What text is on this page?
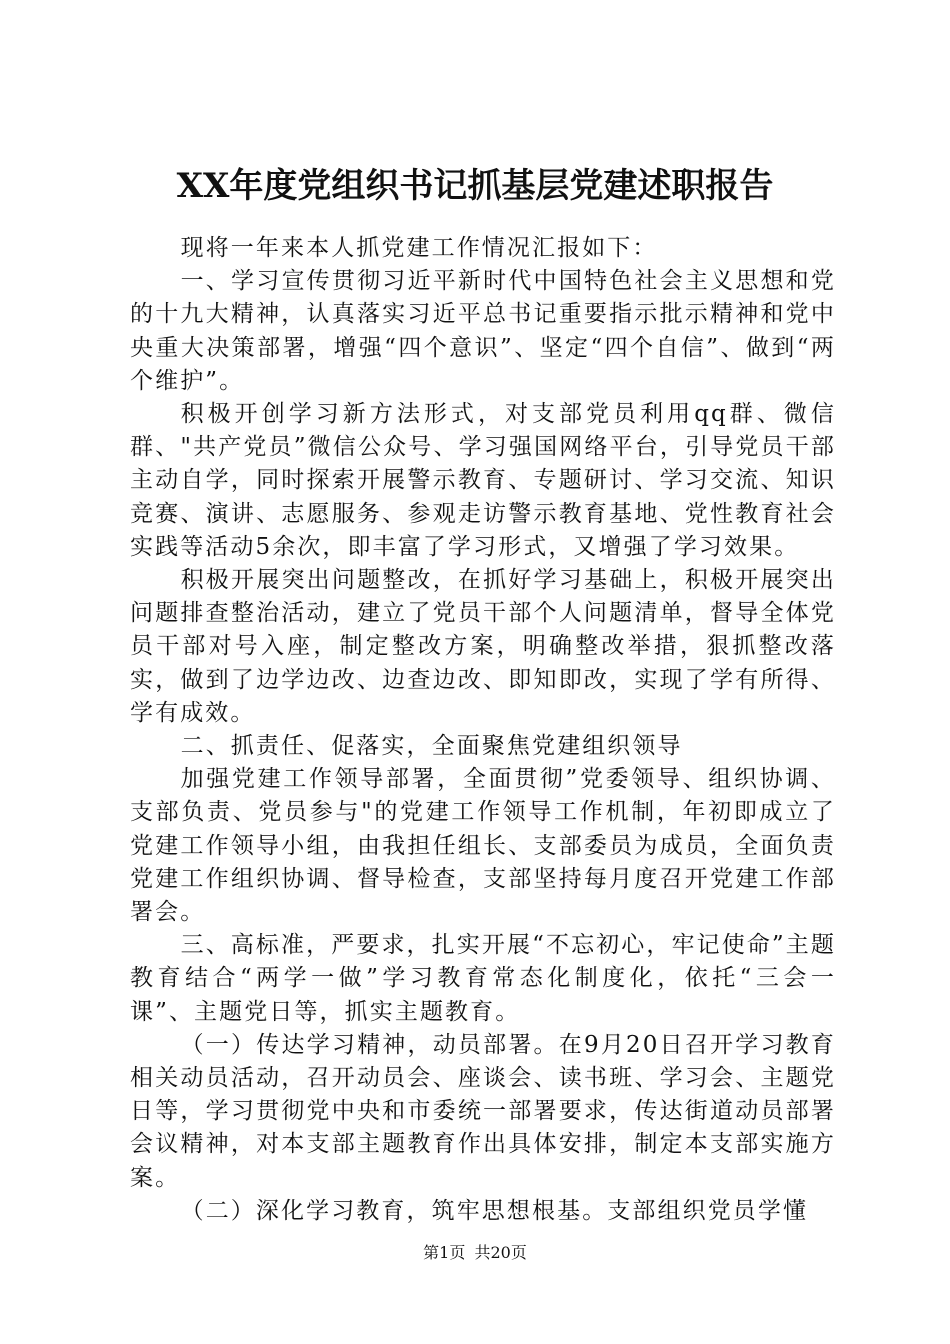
XX年度党组织书记抓基层党建述职报告

现将一年来本人抓党建工作情况汇报如下：

一、学习宣传贯彻习近平新时代中国特色社会主义思想和党的十九大精神，认真落实习近平总书记重要指示批示精神和党中央重大决策部署，增强“四个意识”、坚定“四个自信”、做到“两个维护”。

积极开创学习新方法形式，对支部党员利用qq群、微信群、"共产党员”微信公众号、学习强国网络平台，引导党员干部主动自学，同时探索开展警示教育、专题研讨、学习交流、知识竞赛、演讲、志愿服务、参观走访警示教育基地、党性教育社会实践等活动5余次，即丰富了学习形式，又增强了学习效果。

积极开展突出问题整改，在抓好学习基础上，积极开展突出问题排查整治活动，建立了党员干部个人问题清单，督导全体党员干部对号入座，制定整改方案，明确整改举措，狠抓整改落实，做到了边学边改、边查边改、即知即改，实现了学有所得、学有成效。

二、抓责任、促落实，全面聚焦党建组织领导

加强党建工作领导部署，全面贯彻”党委领导、组织协调、支部负责、党员参与"的党建工作领导工作机制，年初即成立了党建工作领导小组，由我担任组长、支部委员为成员，全面负责党建工作组织协调、督导检查，支部坚持每月度召开党建工作部署会。

三、高标准，严要求，扎实开展“不忘初心，牢记使命”主题教育结合“两学一做”学习教育常态化制度化，依托“三会一课”、主题党日等，抓实主题教育。

（一）传达学习精神，动员部署。在9月20日召开学习教育相关动员活动，召开动员会、座谈会、读书班、学习会、主题党日等，学习贯彻党中央和市委统一部署要求，传达街道动员部署会议精神，对本支部主题教育作出具体安排，制定本支部实施方案。

（二）深化学习教育，筑牢思想根基。支部组织党员学懂

第1页 共20页
